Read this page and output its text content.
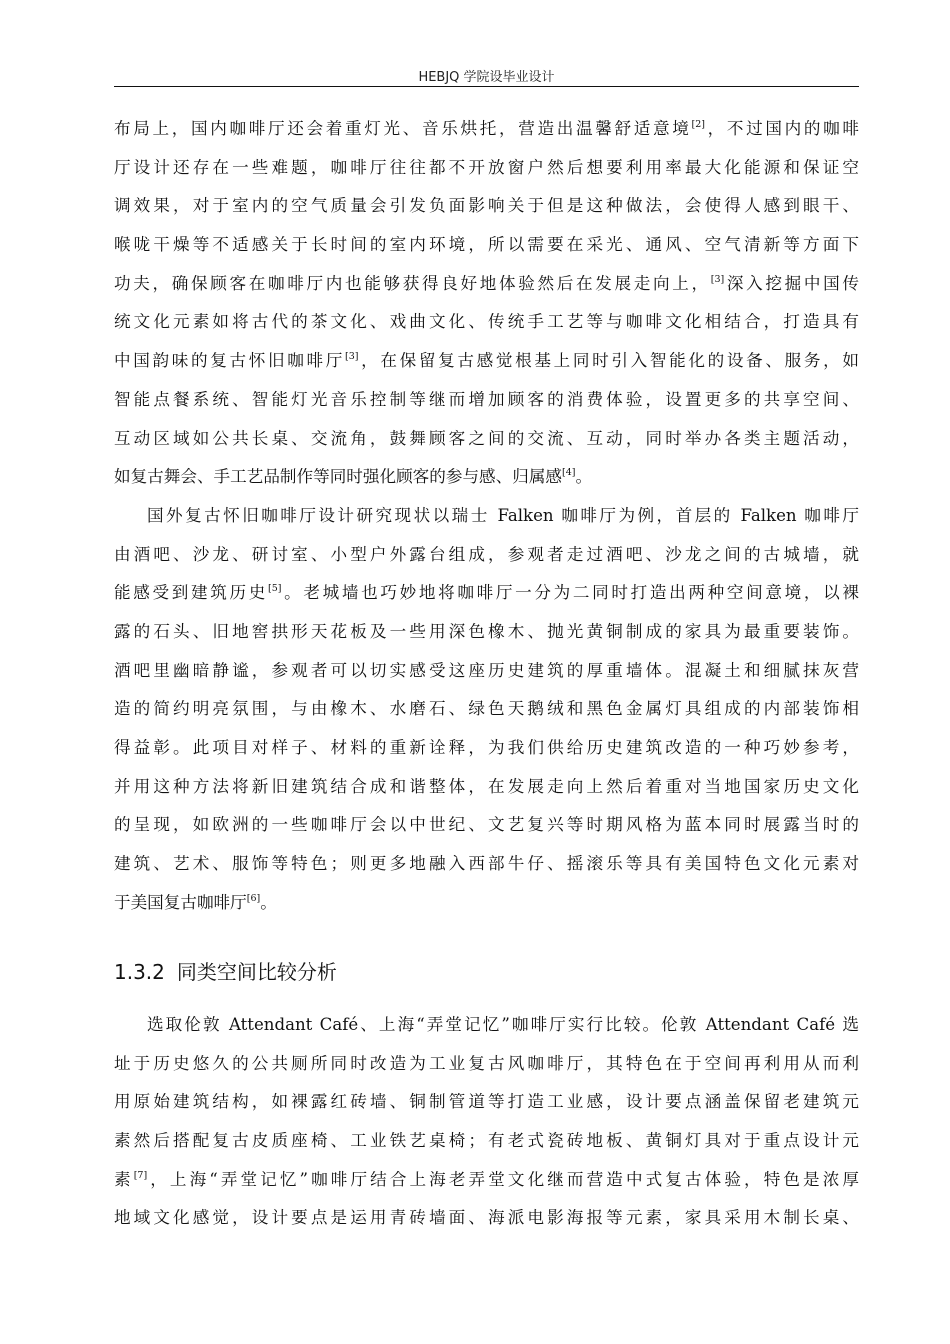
HEBJQ 学院设毕业设计
布局上，国内咖啡厅还会着重灯光、音乐烘托，营造出温馨舒适意境[2]，不过国内的咖啡
厅设计还存在一些难题，咖啡厅往往都不开放窗户然后想要利用率最大化能源和保证空
调效果，对于室内的空气质量会引发负面影响关于但是这种做法，会使得人感到眼干、
喉咙干燥等不适感关于长时间的室内环境，所以需要在采光、通风、空气清新等方面下
功夫，确保顾客在咖啡厅内也能够获得良好地体验然后在发展走向上，[3]深入挖掘中国传
统文化元素如将古代的茶文化、戏曲文化、传统手工艺等与咖啡文化相结合，打造具有
中国韵味的复古怀旧咖啡厅[3]，在保留复古感觉根基上同时引入智能化的设备、服务，如
智能点餐系统、智能灯光音乐控制等继而增加顾客的消费体验，设置更多的共享空间、
互动区域如公共长桌、交流角，鼓舞顾客之间的交流、互动，同时举办各类主题活动，
如复古舞会、手工艺品制作等同时强化顾客的参与感、归属感[4]。
国外复古怀旧咖啡厅设计研究现状以瑞士 Falken 咖啡厅为例，首层的 Falken 咖啡厅
由酒吧、沙龙、研讨室、小型户外露台组成，参观者走过酒吧、沙龙之间的古城墙，就
能感受到建筑历史[5]。老城墙也巧妙地将咖啡厅一分为二同时打造出两种空间意境，以裸
露的石头、旧地窖拱形天花板及一些用深色橡木、抛光黄铜制成的家具为最重要装饰。
酒吧里幽暗静谧，参观者可以切实感受这座历史建筑的厚重墙体。混凝土和细腻抹灰营
造的简约明亮氛围，与由橡木、水磨石、绿色天鹅绒和黑色金属灯具组成的内部装饰相
得益彰。此项目对样子、材料的重新诠释，为我们供给历史建筑改造的一种巧妙参考，
并用这种方法将新旧建筑结合成和谐整体，在发展走向上然后着重对当地国家历史文化
的呈现，如欧洲的一些咖啡厅会以中世纪、文艺复兴等时期风格为蓝本同时展露当时的
建筑、艺术、服饰等特色；则更多地融入西部牛仔、摇滚乐等具有美国特色文化元素对
于美国复古咖啡厅[6]。
1.3.2 同类空间比较分析
选取伦敦 Attendant Café、上海“弄堂记忆”咖啡厅实行比较。伦敦 Attendant Café 选
址于历史悠久的公共厕所同时改造为工业复古风咖啡厅，其特色在于空间再利用从而利
用原始建筑结构，如裸露红砖墙、铜制管道等打造工业感，设计要点涵盖保留老建筑元
素然后搭配复古皮质座椅、工业铁艺桌椅；有老式瓷砖地板、黄铜灯具对于重点设计元
素[7]，上海“弄堂记忆”咖啡厅结合上海老弄堂文化继而营造中式复古体验，特色是浓厚
地域文化感觉，设计要点是运用青砖墙面、海派电影海报等元素，家具采用木制长桌、
